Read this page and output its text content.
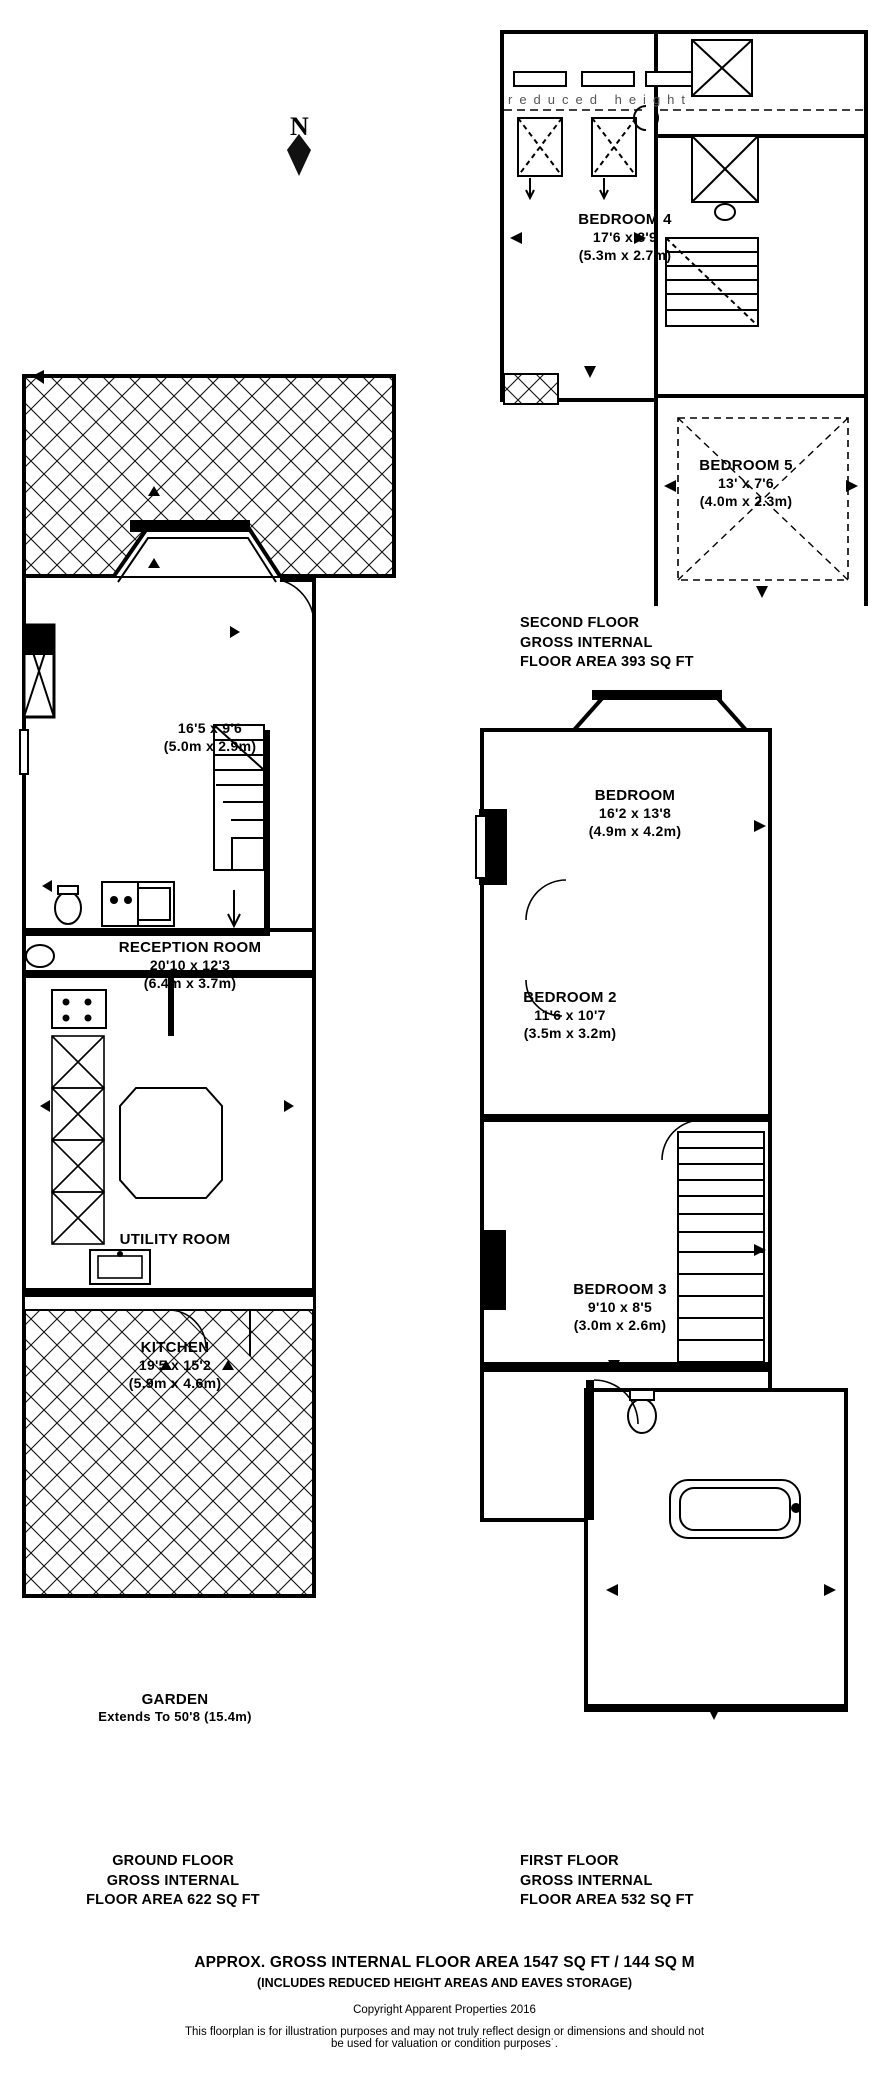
N
16'5 x 9'6
(5.0m x 2.9m)
RECEPTION ROOM
20'10 x 12'3
(6.4m x 3.7m)
UTILITY ROOM
KITCHEN
19'5 x 15'2
(5.9m x 4.6m)
GARDEN
Extends To 50'8 (15.4m)
GROUND FLOOR
GROSS INTERNAL
FLOOR AREA 622 SQ FT
BEDROOM 4
17'6 x 8'9
(5.3m x 2.7m)
BEDROOM 5
13' x 7'6
(4.0m x 2.3m)
reduced height
SECOND FLOOR
GROSS INTERNAL
FLOOR AREA 393 SQ FT
BEDROOM
16'2 x 13'8
(4.9m x 4.2m)
BEDROOM 2
11'6 x 10'7
(3.5m x 3.2m)
BEDROOM 3
9'10 x 8'5
(3.0m x 2.6m)
FIRST FLOOR
GROSS INTERNAL
FLOOR AREA 532 SQ FT
APPROX. GROSS INTERNAL FLOOR AREA 1547 SQ FT / 144 SQ M
(INCLUDES REDUCED HEIGHT AREAS AND EAVES STORAGE)
Copyright Apparent Properties 2016
This floorplan is for illustration purposes and may not truly reflect design or dimensions and should not
be used for valuation or condition purposes˙.
